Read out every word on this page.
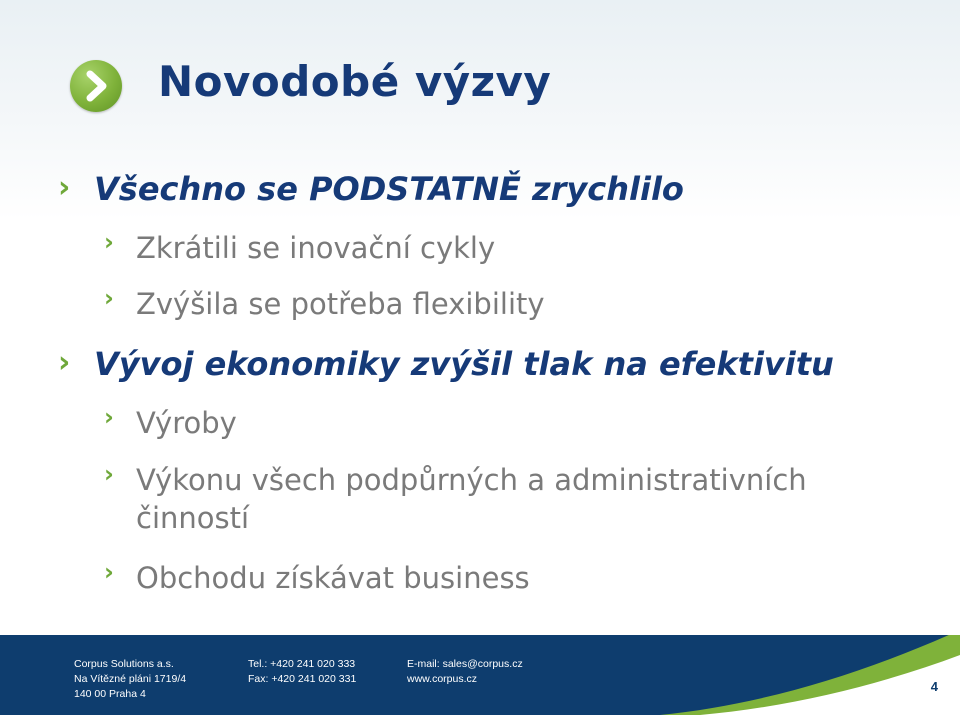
Novodobé výzvy
› Všechno se PODSTATNĚ zrychlilo
› Zkrátili se inovační cykly
› Zvýšila se potřeba flexibility
› Vývoj ekonomiky zvýšil tlak na efektivitu
› Výroby
› Výkonu všech podpůrných a administrativních
činností
› Obchodu získávat business
Corpus Solutions a.s.
Na Vítězné pláni 1719/4
140 00 Praha 4
Tel.: +420 241 020 333
Fax: +420 241 020 331
E-mail: sales@corpus.cz
www.corpus.cz	4
